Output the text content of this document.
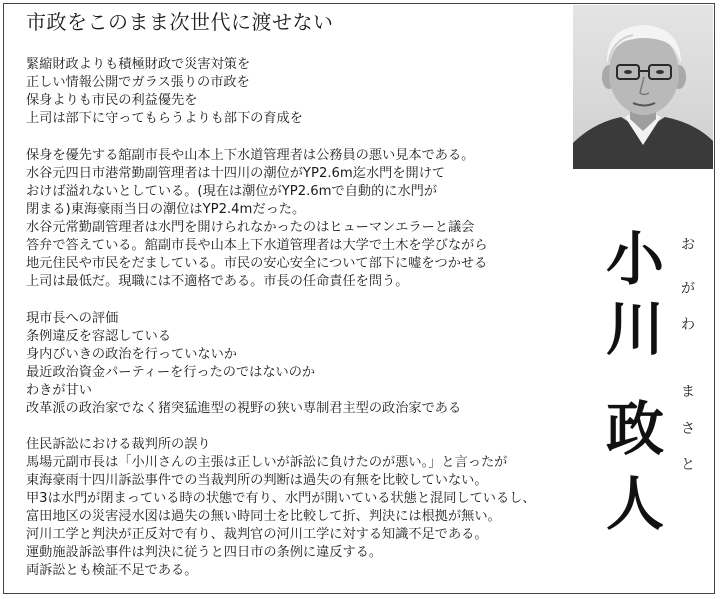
市政をこのまま次世代に渡せない
緊縮財政よりも積極財政で災害対策を
正しい情報公開でガラス張りの市政を
保身よりも市民の利益優先を
上司は部下に守ってもらうよりも部下の育成を
保身を優先する舘副市長や山本上下水道管理者は公務員の悪い見本である。
水谷元四日市港常勤副管理者は十四川の潮位がYP2.6m迄水門を開けて
おけば溢れないとしている。(現在は潮位がYP2.6mで自動的に水門が
閉まる)東海豪雨当日の潮位はYP2.4mだった。
水谷元常勤副管理者は水門を開けられなかったのはヒューマンエラーと議会
答弁で答えている。舘副市長や山本上下水道管理者は大学で土木を学びながら
地元住民や市民をだましている。市民の安心安全について部下に嘘をつかせる
上司は最低だ。現職には不適格である。市長の任命責任を問う。
現市長への評価
条例違反を容認している
身内びいきの政治を行っていないか
最近政治資金パーティーを行ったのではないのか
わきが甘い
改革派の政治家でなく猪突猛進型の視野の狭い専制君主型の政治家である
住民訴訟における裁判所の誤り
馬場元副市長は「小川さんの主張は正しいが訴訟に負けたのが悪い。」と言ったが
東海豪雨十四川訴訟事件での当裁判所の判断は過失の有無を比較していない。
甲3は水門が閉まっている時の状態で有り、水門が開いている状態と混同しているし、
富田地区の災害浸水図は過失の無い時同士を比較して折、判決には根拠が無い。
河川工学と判決が正反対で有り、裁判官の河川工学に対する知識不足である。
運動施設訴訟事件は判決に従うと四日市の条例に違反する。
両訴訟とも検証不足である。
小
川
政
人
お
が
わ
ま
さ
と
